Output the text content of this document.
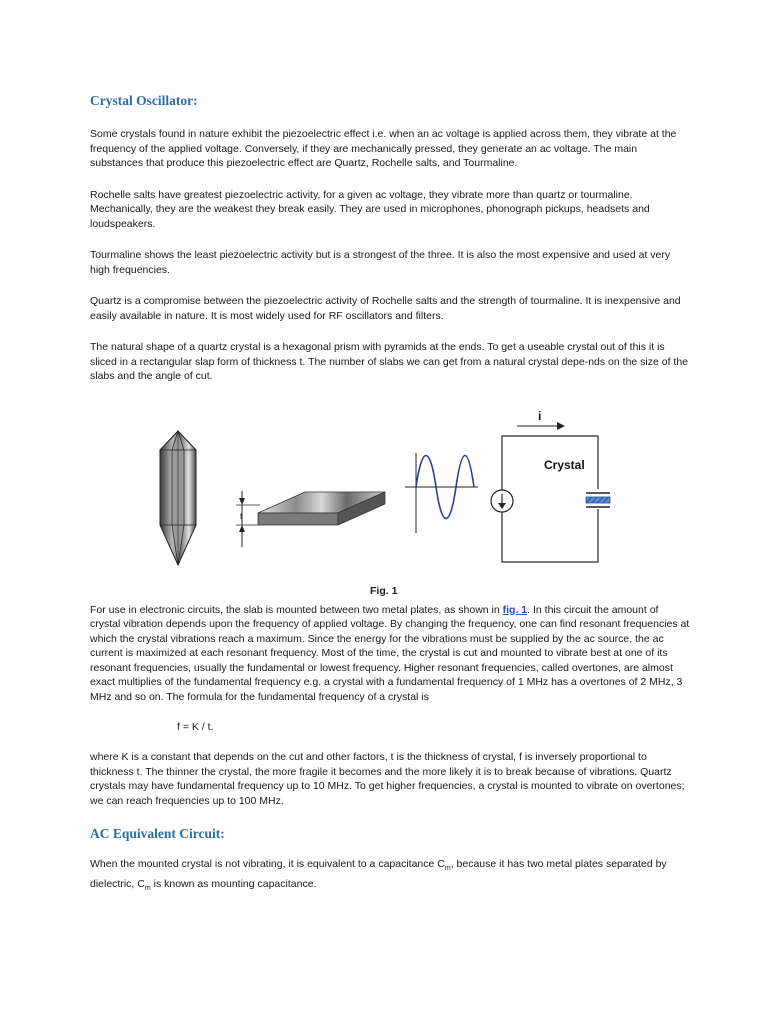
Crystal Oscillator:

Some crystals found in nature exhibit the piezoelectric effect i.e. when an ac voltage is applied across them, they vibrate at the frequency of the applied voltage. Conversely, if they are mechanically pressed, they generate an ac voltage. The main substances that produce this piezoelectric effect are Quartz, Rochelle salts, and Tourmaline.

Rochelle salts have greatest piezoelectric activity, for a given ac voltage, they vibrate more than quartz or tourmaline. Mechanically, they are the weakest they break easily. They are used in microphones, phonograph pickups, headsets and loudspeakers.

Tourmaline shows the least piezoelectric activity but is a strongest of the three. It is also the most expensive and used at very high frequencies.

Quartz is a compromise between the piezoelectric activity of Rochelle salts and the strength of tourmaline. It is inexpensive and easily available in nature. It is most widely used for RF oscillators and filters.

The natural shape of a quartz crystal is a hexagonal prism with pyramids at the ends. To get a useable crystal out of this it is sliced in a rectangular slap form of thickness t. The number of slabs we can get from a natural crystal depe-nds on the size of the slabs and the angle of cut.

For use in electronic circuits, the slab is mounted between two metal plates, as shown in fig. 1. In this circuit the amount of crystal vibration depends upon the frequency of applied voltage. By changing the frequency, one can find resonant frequencies at which the crystal vibrations reach a maximum. Since the energy for the vibrations must be supplied by the ac source, the ac current is maximized at each resonant frequency. Most of the time, the crystal is cut and mounted to vibrate best at one of its resonant frequencies, usually the fundamental or lowest frequency. Higher resonant frequencies, called overtones, are almost exact multiplies of the fundamental frequency e.g. a crystal with a fundamental frequency of 1 MHz has a overtones of 2 MHz, 3 MHz and so on. The formula for the fundamental frequency of a crystal is

f = K / t.

where K is a constant that depends on the cut and other factors, t is the thickness of crystal, f is inversely proportional to thickness t. The thinner the crystal, the more fragile it becomes and the more likely it is to break because of vibrations. Quartz crystals may have fundamental frequency up to 10 MHz. To get higher frequencies, a crystal is mounted to vibrate on overtones; we can reach frequencies up to 100 MHz.

AC Equivalent Circuit:

When the mounted crystal is not vibrating, it is equivalent to a capacitance $C_m$, because it has two metal plates separated by dielectric, $C_m$ is known as mounting capacitance.

t
i
Crystal
Fig. 1
